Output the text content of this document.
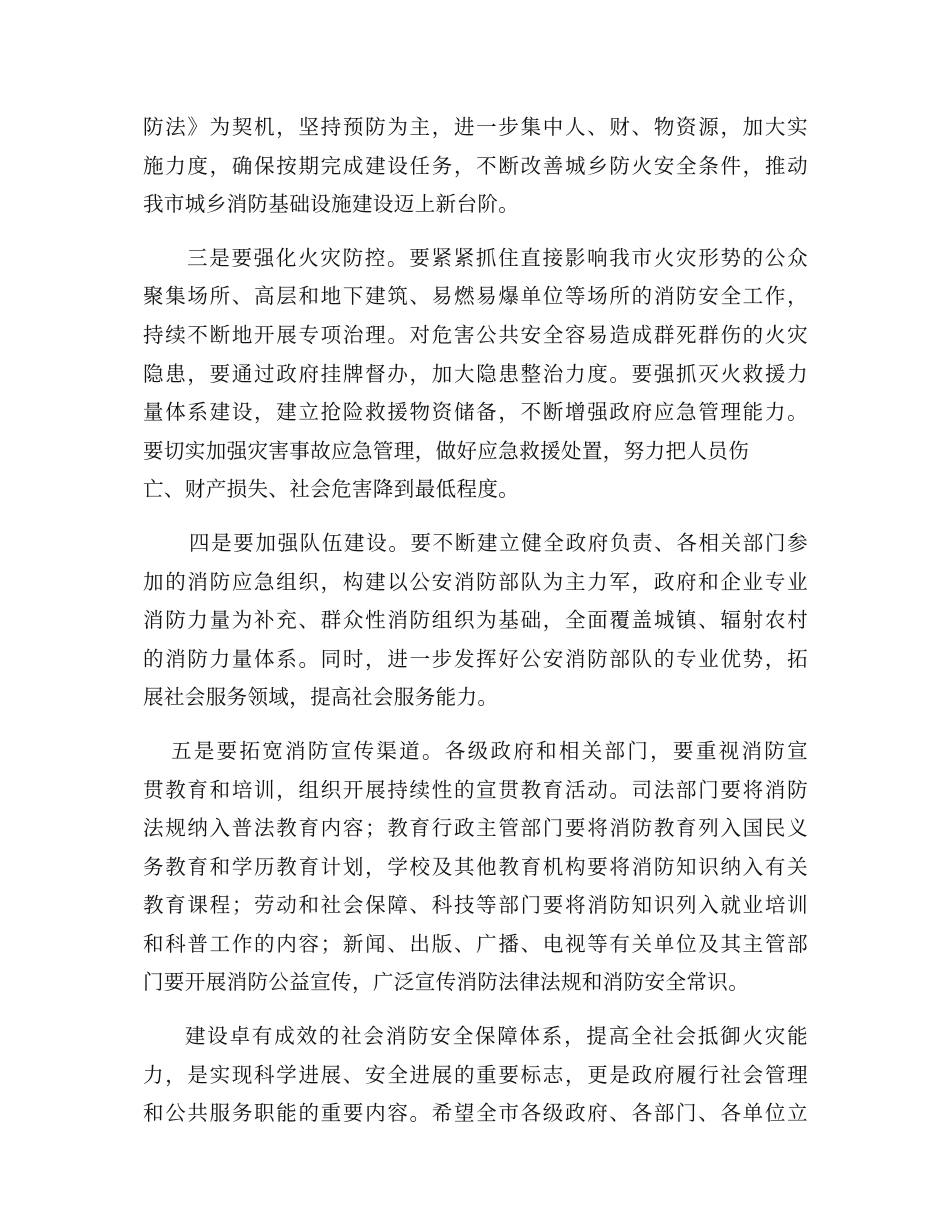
防法》为契机，坚持预防为主，进一步集中人、财、物资源，加大实
施力度，确保按期完成建设任务，不断改善城乡防火安全条件，推动
我市城乡消防基础设施建设迈上新台阶。
三是要强化火灾防控。要紧紧抓住直接影响我市火灾形势的公众
聚集场所、高层和地下建筑、易燃易爆单位等场所的消防安全工作，
持续不断地开展专项治理。对危害公共安全容易造成群死群伤的火灾
隐患，要通过政府挂牌督办，加大隐患整治力度。要强抓灭火救援力
量体系建设，建立抢险救援物资储备，不断增强政府应急管理能力。
要切实加强灾害事故应急管理，做好应急救援处置，努力把人员伤
亡、财产损失、社会危害降到最低程度。
四是要加强队伍建设。要不断建立健全政府负责、各相关部门参
加的消防应急组织，构建以公安消防部队为主力军，政府和企业专业
消防力量为补充、群众性消防组织为基础，全面覆盖城镇、辐射农村
的消防力量体系。同时，进一步发挥好公安消防部队的专业优势，拓
展社会服务领域，提高社会服务能力。
五是要拓宽消防宣传渠道。各级政府和相关部门，要重视消防宣
贯教育和培训，组织开展持续性的宣贯教育活动。司法部门要将消防
法规纳入普法教育内容；教育行政主管部门要将消防教育列入国民义
务教育和学历教育计划，学校及其他教育机构要将消防知识纳入有关
教育课程；劳动和社会保障、科技等部门要将消防知识列入就业培训
和科普工作的内容；新闻、出版、广播、电视等有关单位及其主管部
门要开展消防公益宣传，广泛宣传消防法律法规和消防安全常识。
建设卓有成效的社会消防安全保障体系，提高全社会抵御火灾能
力，是实现科学进展、安全进展的重要标志，更是政府履行社会管理
和公共服务职能的重要内容。希望全市各级政府、各部门、各单位立
